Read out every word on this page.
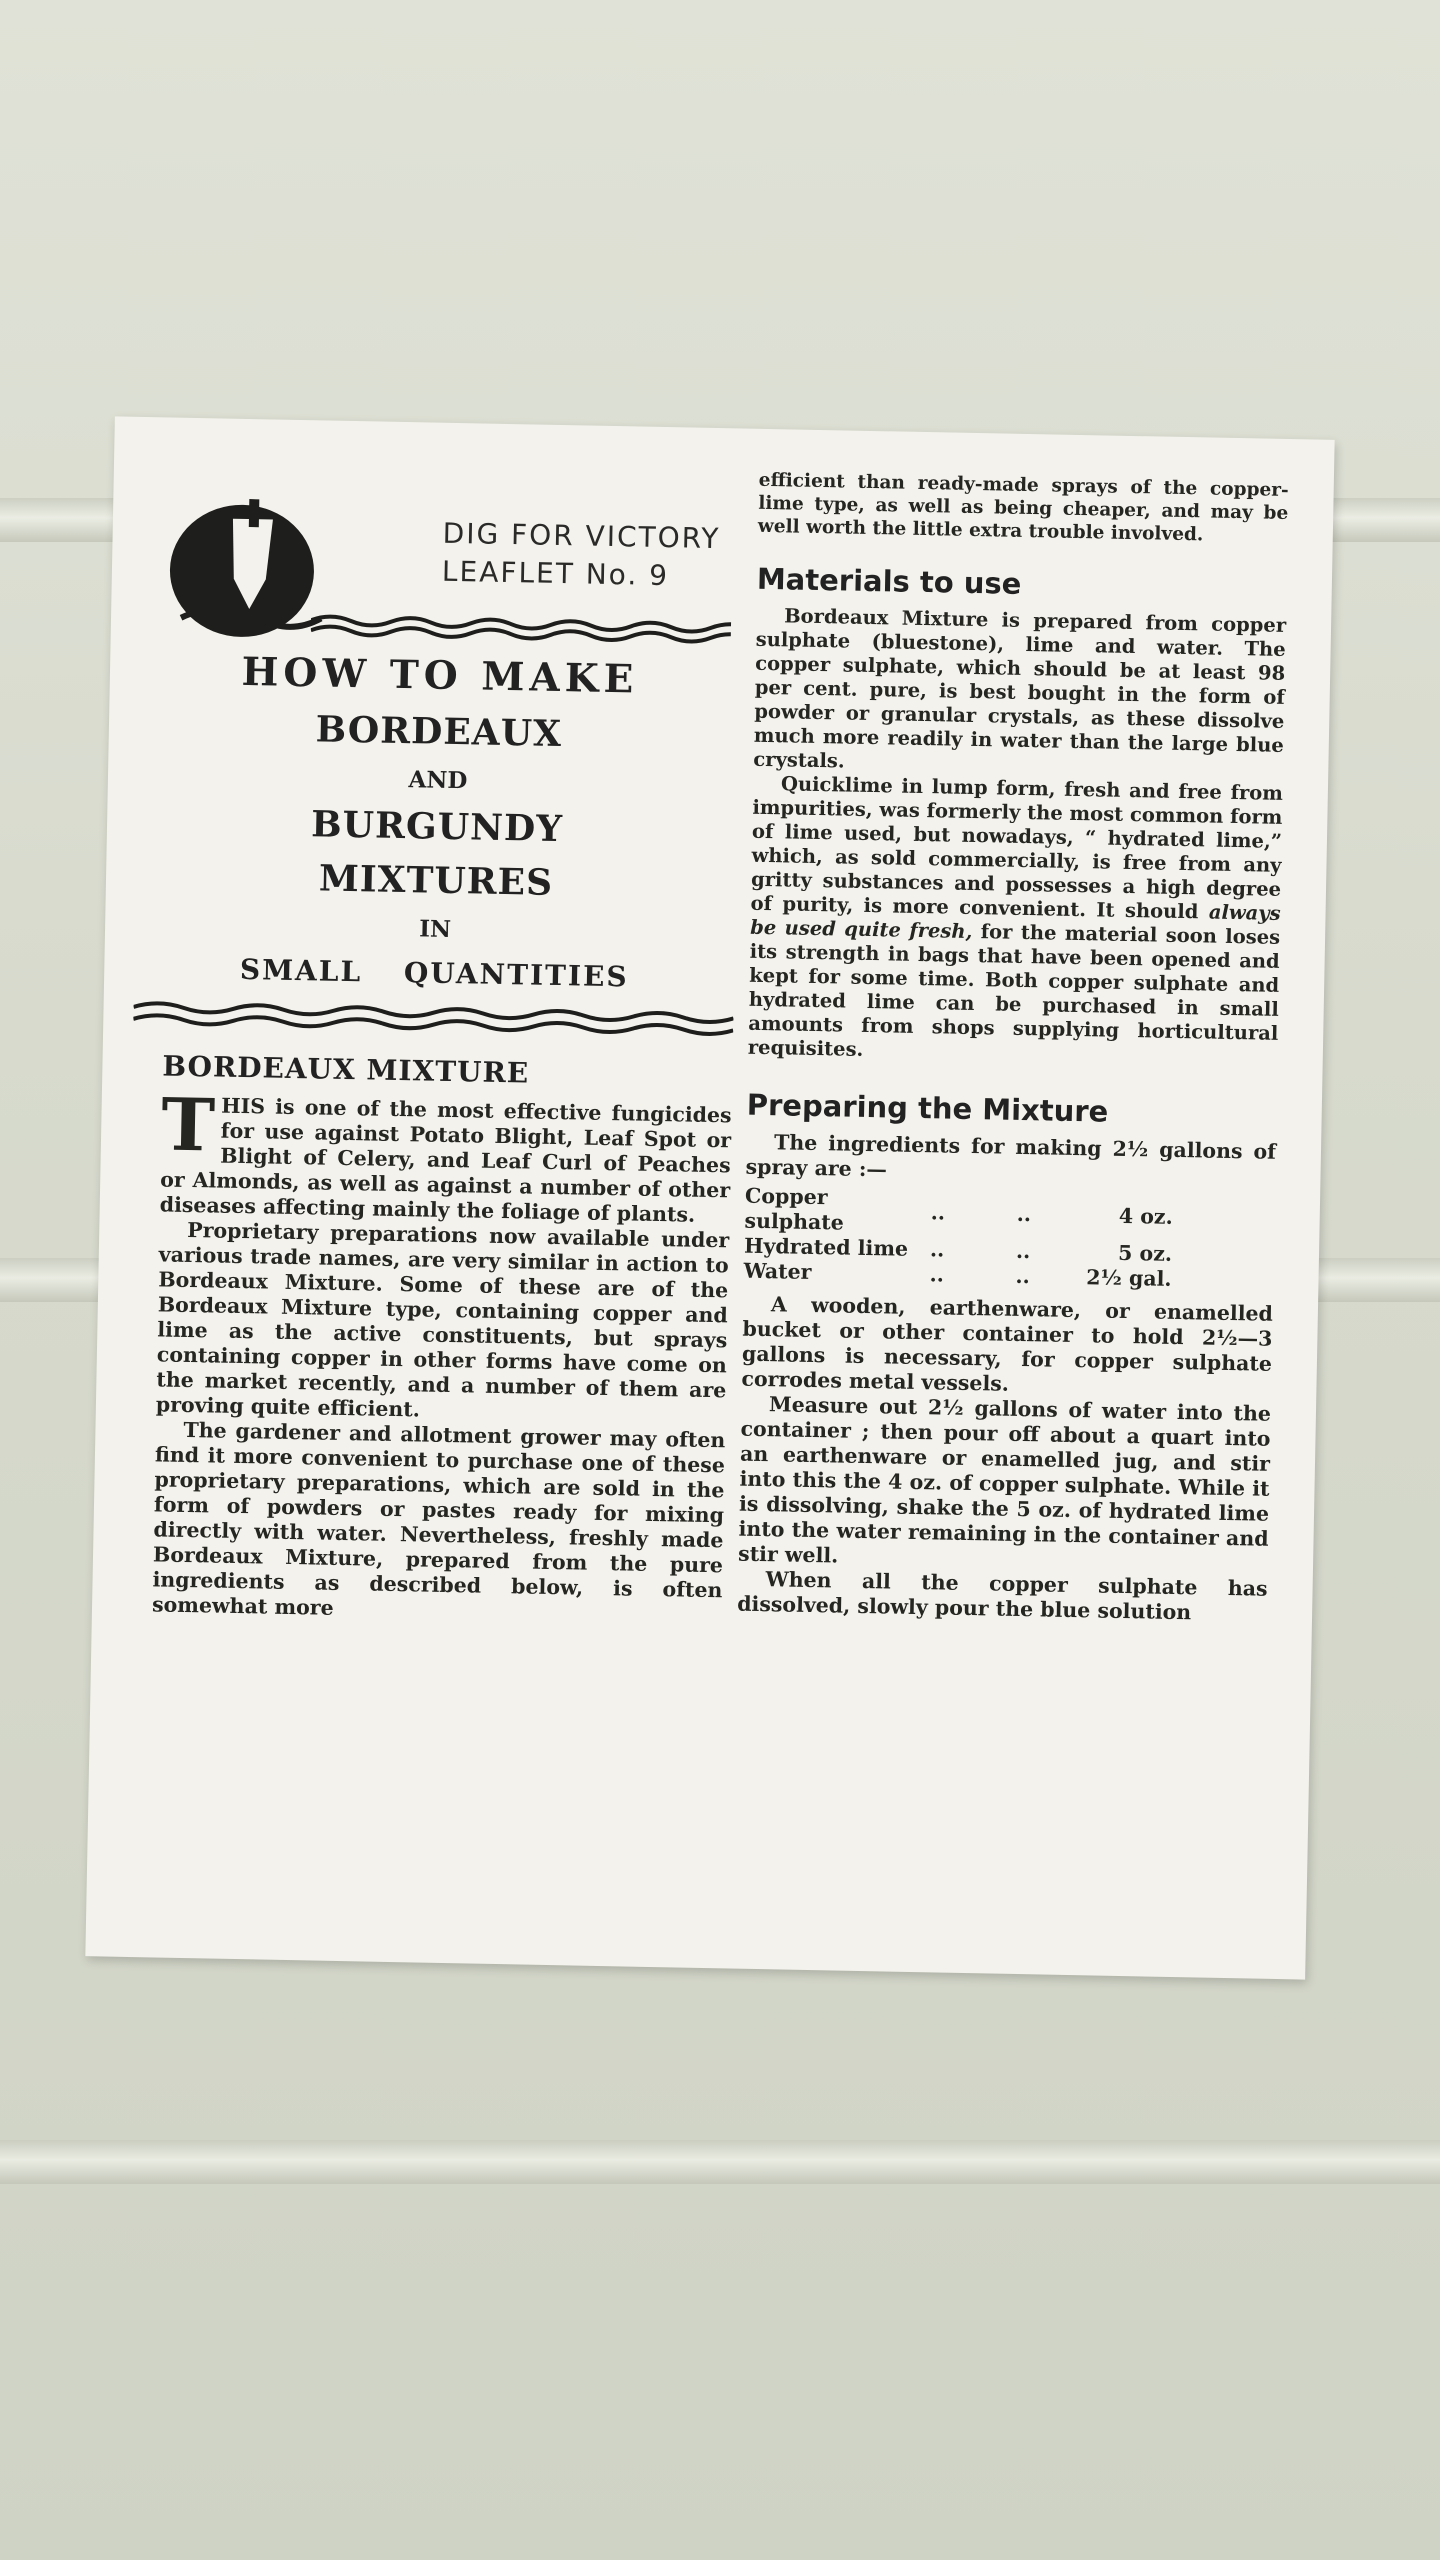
DIG FOR VICTORY
LEAFLET No. 9
HOW TO MAKE
BORDEAUX
AND
BURGUNDY
MIXTURES
IN
SMALL QUANTITIES
BORDEAUX MIXTURE

THIS is one of the most effective fungicides for use against Potato Blight, Leaf Spot or Blight of Celery, and Leaf Curl of Peaches or Almonds, as well as against a number of other diseases affecting mainly the foliage of plants.

Proprietary preparations now available under various trade names, are very similar in action to Bordeaux Mixture. Some of these are of the Bordeaux Mixture type, containing copper and lime as the active constituents, but sprays containing copper in other forms have come on the market recently, and a number of them are proving quite efficient.

The gardener and allotment grower may often find it more convenient to purchase one of these proprietary preparations, which are sold in the form of powders or pastes ready for mixing directly with water. Nevertheless, freshly made Bordeaux Mixture, prepared from the pure ingredients as described below, is often somewhat more

efficient than ready-made sprays of the copper-lime type, as well as being cheaper, and may be well worth the little extra trouble involved.

Materials to use

Bordeaux Mixture is prepared from copper sulphate (bluestone), lime and water. The copper sulphate, which should be at least 98 per cent. pure, is best bought in the form of powder or granular crystals, as these dissolve much more readily in water than the large blue crystals.

Quicklime in lump form, fresh and free from impurities, was formerly the most common form of lime used, but nowadays, “ hydrated lime,” which, as sold commercially, is free from any gritty substances and possesses a high degree of purity, is more convenient. It should always be used quite fresh, for the material soon loses its strength in bags that have been opened and kept for some time. Both copper sulphate and hydrated lime can be purchased in small amounts from shops supplying horticultural requisites.

Preparing the Mixture

The ingredients for making 2½ gallons of spray are :—

Copper sulphate	..	..	4 oz.
Hydrated lime	..	..	5 oz.
Water	..	..	2½ gal.

A wooden, earthenware, or enamelled bucket or other container to hold 2½—3 gallons is necessary, for copper sulphate corrodes metal vessels.

Measure out 2½ gallons of water into the container ; then pour off about a quart into an earthenware or enamelled jug, and stir into this the 4 oz. of copper sulphate. While it is dissolving, shake the 5 oz. of hydrated lime into the water remaining in the container and stir well.

When all the copper sulphate has dissolved, slowly pour the blue solution
